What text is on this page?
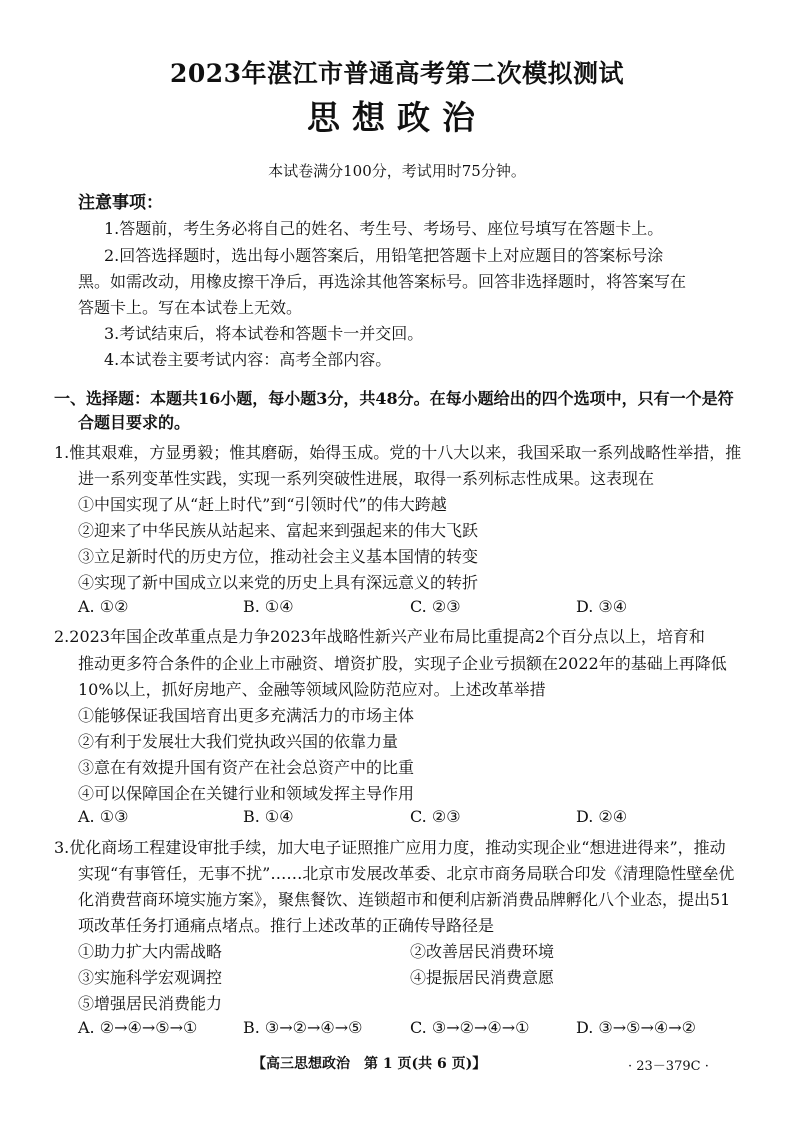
2023年湛江市普通高考第二次模拟测试
思想政治
本试卷满分100分，考试用时75分钟。
注意事项：
1.答题前，考生务必将自己的姓名、考生号、考场号、座位号填写在答题卡上。
2.回答选择题时，选出每小题答案后，用铅笔把答题卡上对应题目的答案标号涂
黑。如需改动，用橡皮擦干净后，再选涂其他答案标号。回答非选择题时，将答案写在
答题卡上。写在本试卷上无效。
3.考试结束后，将本试卷和答题卡一并交回。
4.本试卷主要考试内容：高考全部内容。
一、选择题：本题共16小题，每小题3分，共48分。在每小题给出的四个选项中，只有一个是符
合题目要求的。
1.惟其艰难，方显勇毅；惟其磨砺，始得玉成。党的十八大以来，我国采取一系列战略性举措，推
进一系列变革性实践，实现一系列突破性进展，取得一系列标志性成果。这表现在
①中国实现了从“赶上时代”到“引领时代”的伟大跨越
②迎来了中华民族从站起来、富起来到强起来的伟大飞跃
③立足新时代的历史方位，推动社会主义基本国情的转变
④实现了新中国成立以来党的历史上具有深远意义的转折
A. ①②	B. ①④	C. ②③	D. ③④
2.2023年国企改革重点是力争2023年战略性新兴产业布局比重提高2个百分点以上，培育和
推动更多符合条件的企业上市融资、增资扩股，实现子企业亏损额在2022年的基础上再降低
10%以上，抓好房地产、金融等领域风险防范应对。上述改革举措
①能够保证我国培育出更多充满活力的市场主体
②有利于发展壮大我们党执政兴国的依靠力量
③意在有效提升国有资产在社会总资产中的比重
④可以保障国企在关键行业和领域发挥主导作用
A. ①③	B. ①④	C. ②③	D. ②④
3.优化商场工程建设审批手续，加大电子证照推广应用力度，推动实现企业“想进进得来”，推动
实现“有事管任，无事不扰”……北京市发展改革委、北京市商务局联合印发《清理隐性壁垒优
化消费营商环境实施方案》，聚焦餐饮、连锁超市和便利店新消费品牌孵化八个业态，提出51
项改革任务打通痛点堵点。推行上述改革的正确传导路径是
①助力扩大内需战略	②改善居民消费环境
③实施科学宏观调控	④提振居民消费意愿
⑤增强居民消费能力
A. ②→④→⑤→①	B. ③→②→④→⑤	C. ③→②→④→①	D. ③→⑤→④→②
【高三思想政治　第 1 页(共 6 页)】	· 23－379C ·
